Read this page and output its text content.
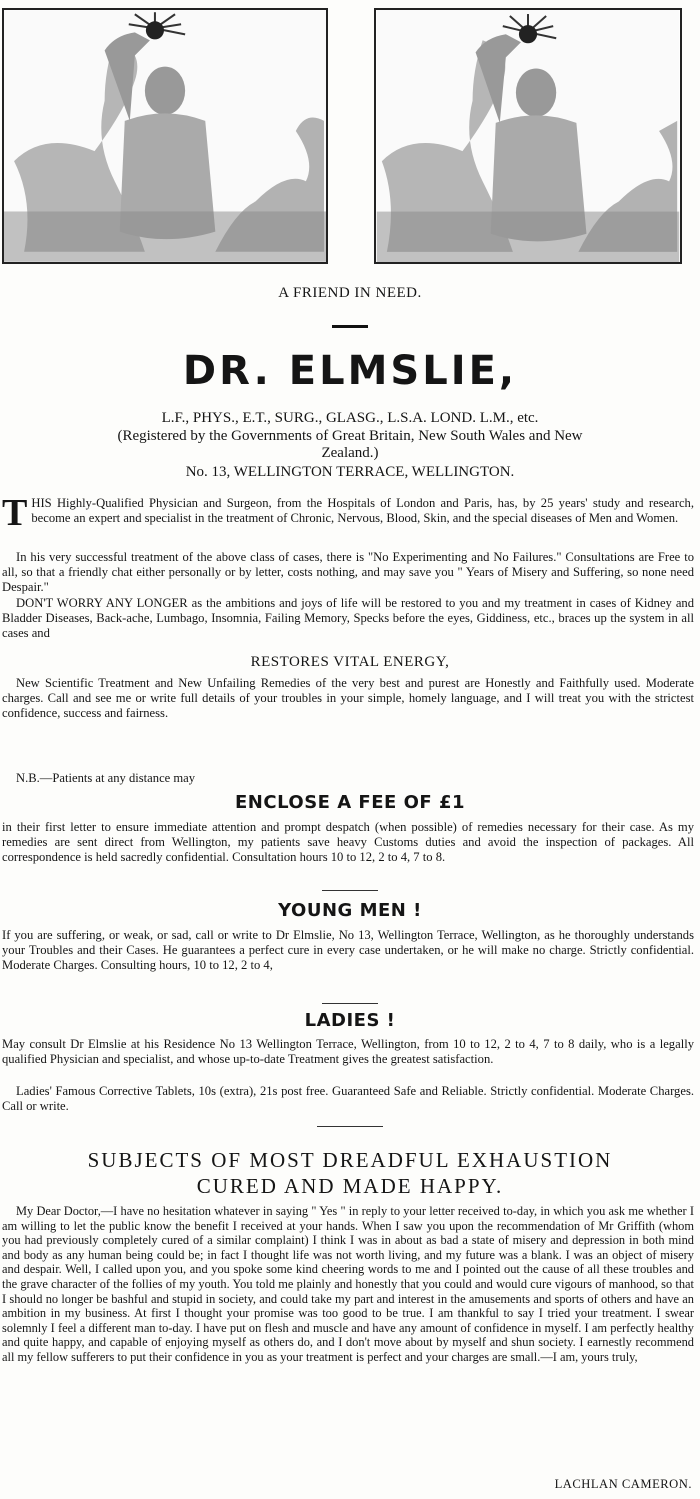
A FRIEND IN NEED.
DR. ELMSLIE,
L.F., PHYS., E.T., SURG., GLASG., L.S.A. LOND. L.M., etc.
(Registered by the Governments of Great Britain, New South Wales and New
Zealand.)
No. 13, WELLINGTON TERRACE, WELLINGTON.
T HIS Highly-Qualified Physician and Surgeon, from the Hospitals of London and Paris, has, by 25 years' study and research, become an expert and specialist in the treatment of Chronic, Nervous, Blood, Skin, and the special diseases of Men and Women.
In his very successful treatment of the above class of cases, there is "No Experimenting and No Failures." Consultations are Free to all, so that a friendly chat either personally or by letter, costs nothing, and may save you " Years of Misery and Suffering, so none need Despair."
DON'T WORRY ANY LONGER as the ambitions and joys of life will be restored to you and my treatment in cases of Kidney and Bladder Diseases, Back-ache, Lumbago, Insomnia, Failing Memory, Specks before the eyes, Giddiness, etc., braces up the system in all cases and
RESTORES VITAL ENERGY,
New Scientific Treatment and New Unfailing Remedies of the very best and purest are Honestly and Faithfully used. Moderate charges. Call and see me or write full details of your troubles in your simple, homely language, and I will treat you with the strictest confidence, success and fairness.
N.B.—Patients at any distance may
ENCLOSE A FEE OF £1
in their first letter to ensure immediate attention and prompt despatch (when possible) of remedies necessary for their case. As my remedies are sent direct from Wellington, my patients save heavy Customs duties and avoid the inspection of packages. All correspondence is held sacredly confidential. Consultation hours 10 to 12, 2 to 4, 7 to 8.
YOUNG MEN !
If you are suffering, or weak, or sad, call or write to Dr Elmslie, No 13, Wellington Terrace, Wellington, as he thoroughly understands your Troubles and their Cases. He guarantees a perfect cure in every case undertaken, or he will make no charge. Strictly confidential. Moderate Charges. Consulting hours, 10 to 12, 2 to 4,
LADIES !
May consult Dr Elmslie at his Residence No 13 Wellington Terrace, Wellington, from 10 to 12, 2 to 4, 7 to 8 daily, who is a legally qualified Physician and specialist, and whose up-to-date Treatment gives the greatest satisfaction.
Ladies' Famous Corrective Tablets, 10s (extra), 21s post free. Guaranteed Safe and Reliable. Strictly confidential. Moderate Charges. Call or write.
SUBJECTS OF MOST DREADFUL EXHAUSTION
CURED AND MADE HAPPY.
My Dear Doctor,—I have no hesitation whatever in saying " Yes " in reply to your letter received to-day, in which you ask me whether I am willing to let the public know the benefit I received at your hands. When I saw you upon the recommendation of Mr Griffith (whom you had previously completely cured of a similar complaint) I think I was in about as bad a state of misery and depression in both mind and body as any human being could be; in fact I thought life was not worth living, and my future was a blank. I was an object of misery and despair. Well, I called upon you, and you spoke some kind cheering words to me and I pointed out the cause of all these troubles and the grave character of the follies of my youth. You told me plainly and honestly that you could and would cure vigours of manhood, so that I should no longer be bashful and stupid in society, and could take my part and interest in the amusements and sports of others and have an ambition in my business. At first I thought your promise was too good to be true. I am thankful to say I tried your treatment. I swear solemnly I feel a different man to-day. I have put on flesh and muscle and have any amount of confidence in myself. I am perfectly healthy and quite happy, and capable of enjoying myself as others do, and I don't move about by myself and shun society. I earnestly recommend all my fellow sufferers to put their confidence in you as your treatment is perfect and your charges are small.—I am, yours truly,
LACHLAN CAMERON.
